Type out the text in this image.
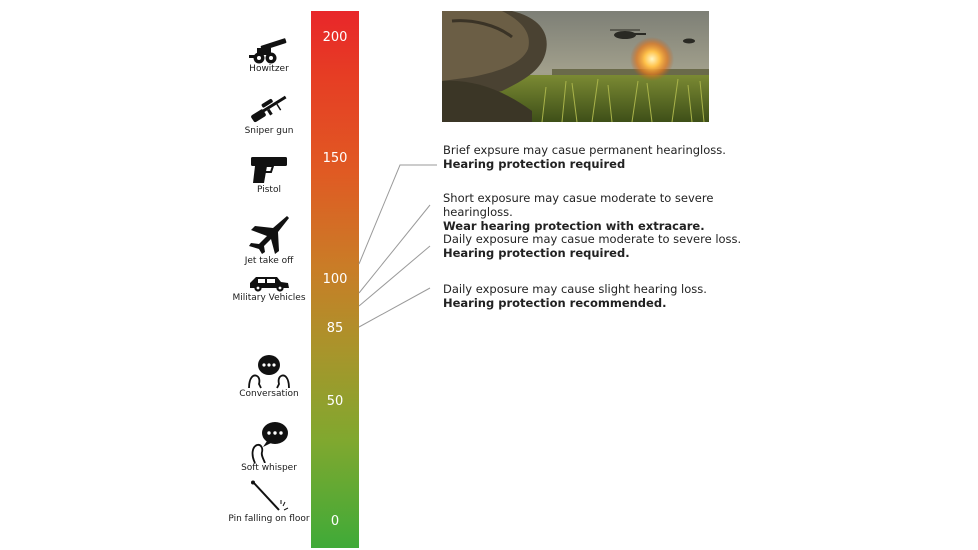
200
150
100
85
50
0
Howitzer
Sniper gun
Pistol
Jet take off
Military Vehicles
Conversation
Soft whisper
Pin falling on floor
Brief expsure may casue permanent hearingloss.
Hearing protection required
Short exposure may casue moderate to severe hearingloss.
Wear hearing protection with extracare.
Daily exposure may casue moderate to severe loss.
Hearing protection required.
Daily exposure may cause slight hearing loss.
Hearing protection recommended.
